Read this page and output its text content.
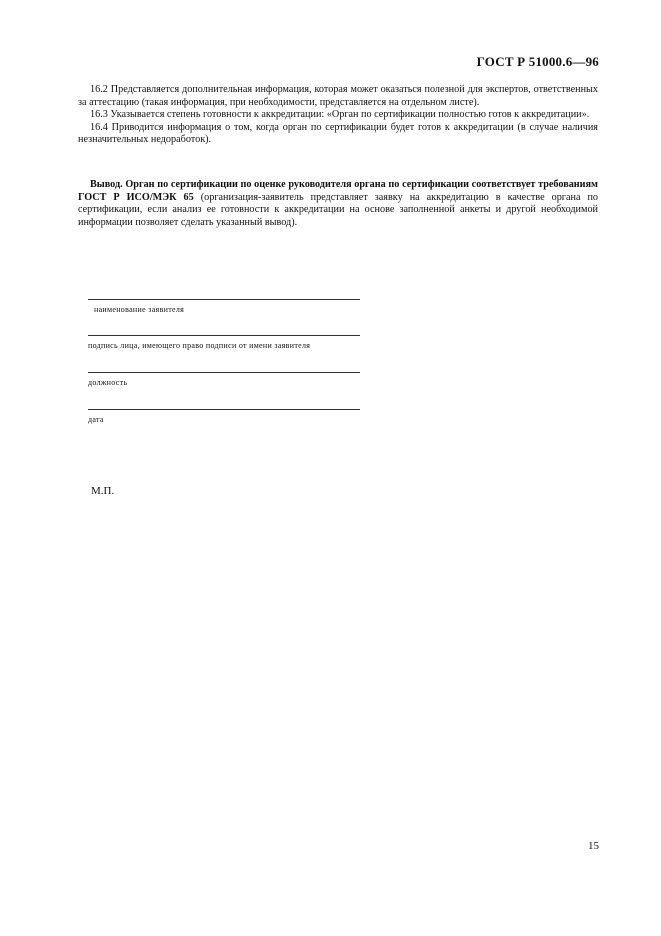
ГОСТ Р 51000.6—96

16.2 Представляется дополнительная информация, которая может оказаться полезной для экспертов, ответственных за аттестацию (такая информация, при необходимости, представляется на отдельном листе).

16.3 Указывается степень готовности к аккредитации: «Орган по сертификации полностью готов к аккредитации».

16.4 Приводится информация о том, когда орган по сертификации будет готов к аккредитации (в случае наличия незначительных недоработок).

Вывод. Орган по сертификации по оценке руководителя органа по сертификации соответствует требованиям ГОСТ Р ИСО/МЭК 65 (организация-заявитель представляет заявку на аккредитацию в качестве органа по сертификации, если анализ ее готовности к аккредитации на основе заполненной анкеты и другой необходимой информации позволяет сделать указанный вывод).

наименование заявителя
подпись лица, имеющего право подписи от имени заявителя
должность
дата
М.П.
15
